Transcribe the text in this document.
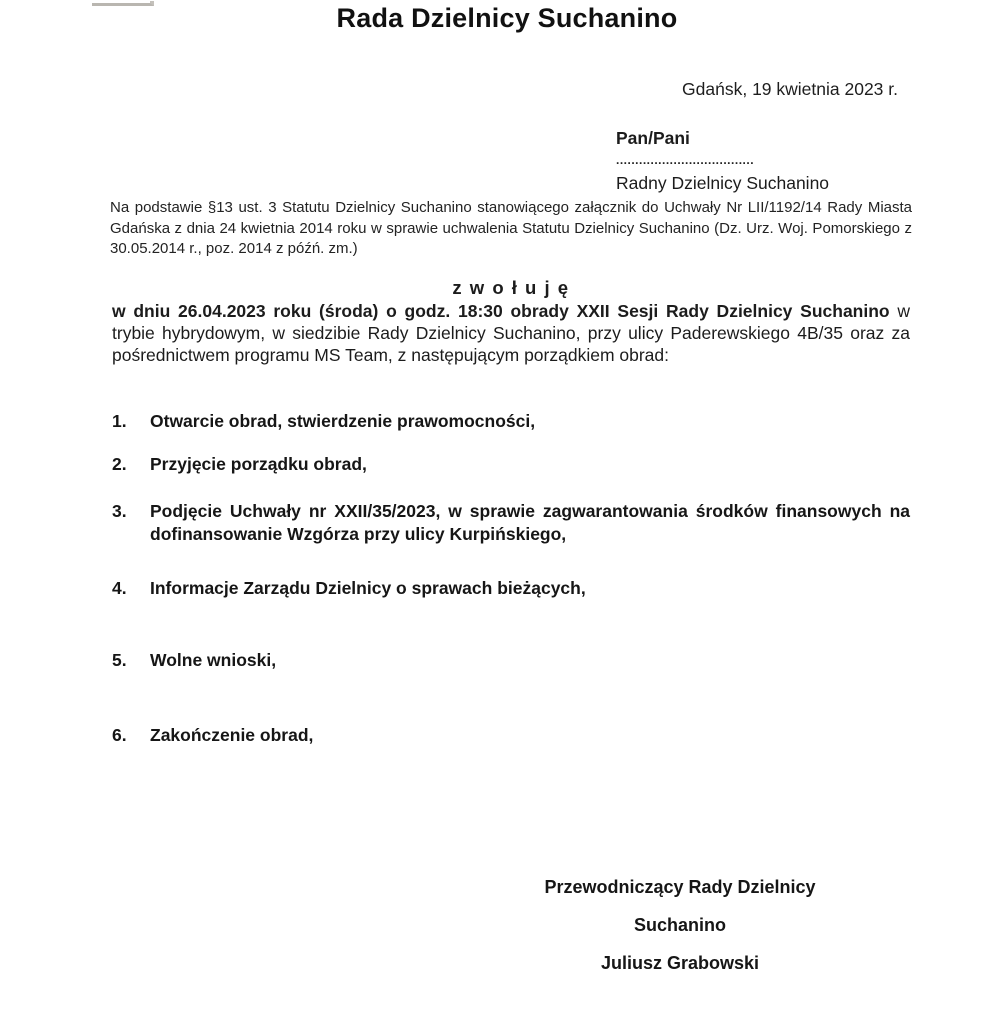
Rada Dzielnicy Suchanino
Gdańsk, 19 kwietnia 2023 r.
Pan/Pani
....................................
Radny Dzielnicy Suchanino
Na podstawie §13 ust. 3 Statutu Dzielnicy Suchanino stanowiącego załącznik do Uchwały Nr LII/1192/14 Rady Miasta Gdańska z dnia 24 kwietnia 2014 roku w sprawie uchwalenia Statutu Dzielnicy Suchanino (Dz. Urz. Woj. Pomorskiego z 30.05.2014 r., poz. 2014 z późń. zm.)
z w o ł u j ę

w dniu 26.04.2023 roku (środa) o godz. 18:30 obrady XXII Sesji Rady Dzielnicy Suchanino w trybie hybrydowym, w siedzibie Rady Dzielnicy Suchanino, przy ulicy Paderewskiego 4B/35 oraz za pośrednictwem programu MS Team, z następującym porządkiem obrad:

1.	Otwarcie obrad, stwierdzenie prawomocności,
2.	Przyjęcie porządku obrad,
3.	Podjęcie Uchwały nr XXII/35/2023, w sprawie zagwarantowania środków finansowych na dofinansowanie Wzgórza przy ulicy Kurpińskiego,
4.	Informacje Zarządu Dzielnicy o sprawach bieżących,
5.	Wolne wnioski,
6.	Zakończenie obrad,
Przewodniczący Rady Dzielnicy
Suchanino
Juliusz Grabowski
